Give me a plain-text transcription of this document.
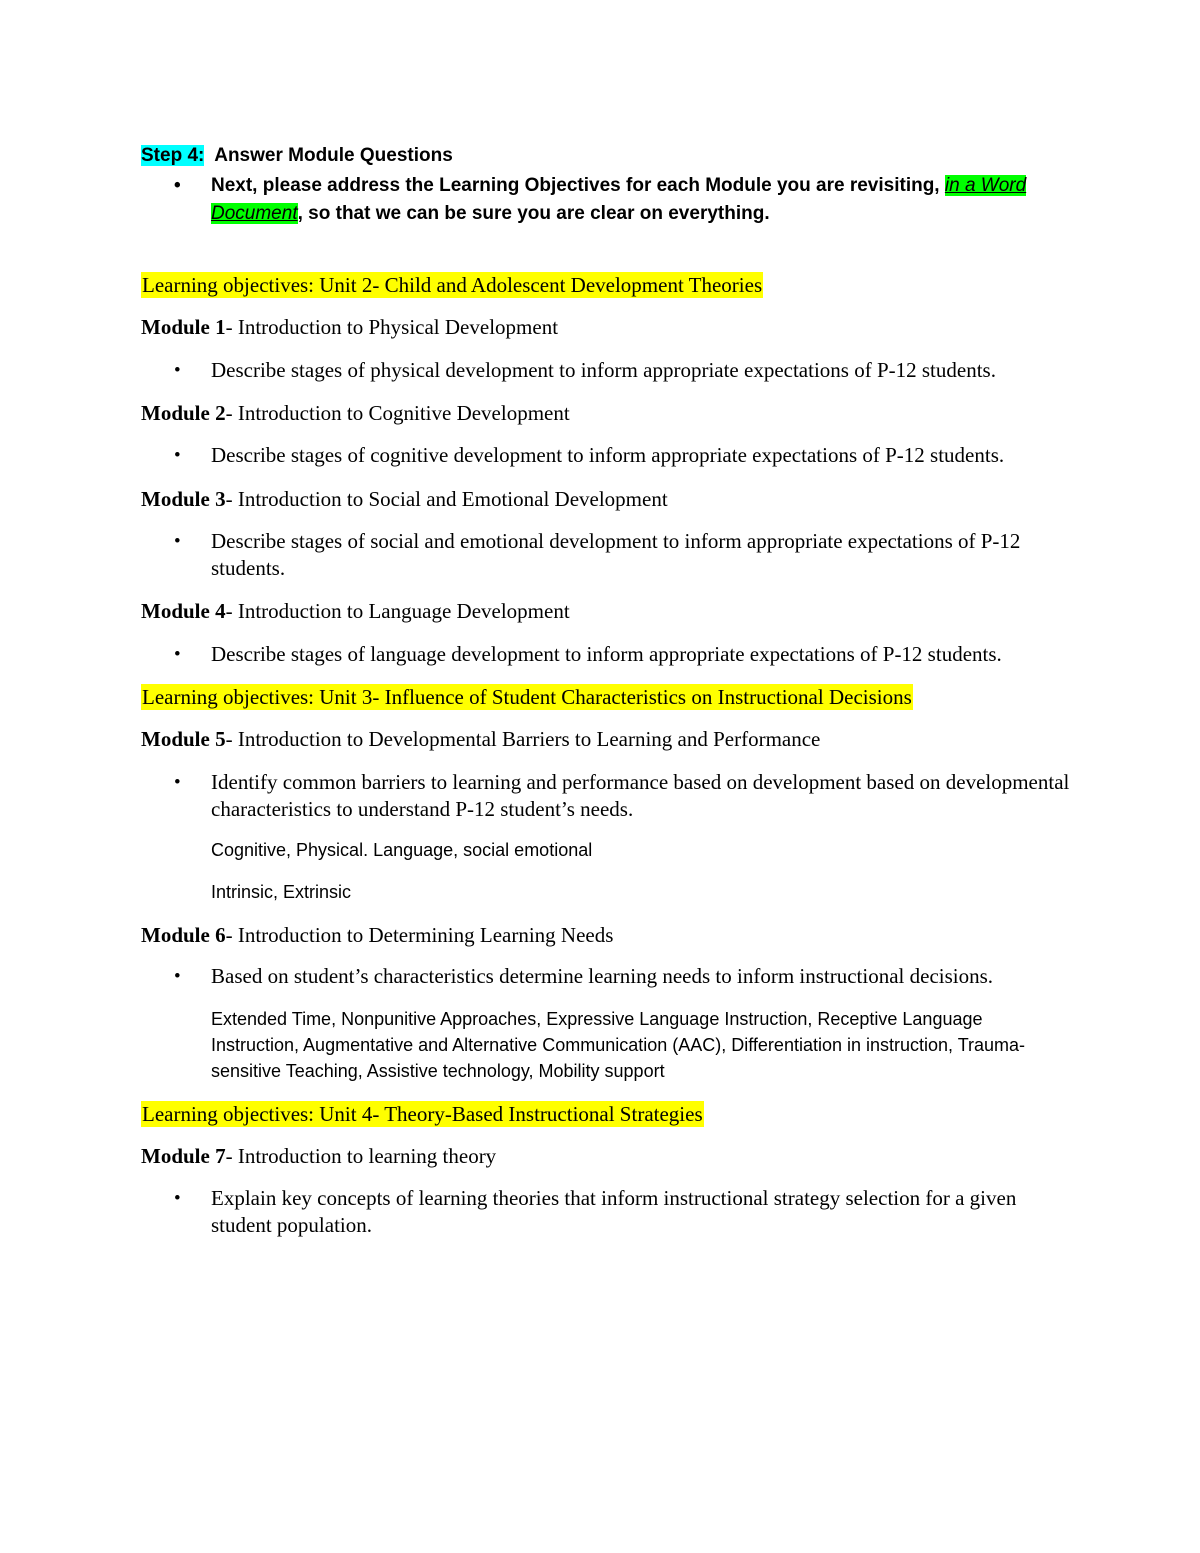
Step 4: Answer Module Questions
• Next, please address the Learning Objectives for each Module you are revisiting, in a Word Document, so that we can be sure you are clear on everything.

Learning objectives: Unit 2- Child and Adolescent Development Theories

Module 1- Introduction to Physical Development

• Describe stages of physical development to inform appropriate expectations of P-12 students.

Module 2- Introduction to Cognitive Development

• Describe stages of cognitive development to inform appropriate expectations of P-12 students.

Module 3- Introduction to Social and Emotional Development

• Describe stages of social and emotional development to inform appropriate expectations of P-12 students.

Module 4- Introduction to Language Development

• Describe stages of language development to inform appropriate expectations of P-12 students.

Learning objectives: Unit 3- Influence of Student Characteristics on Instructional Decisions

Module 5- Introduction to Developmental Barriers to Learning and Performance

• Identify common barriers to learning and performance based on development based on developmental characteristics to understand P-12 student’s needs.

Cognitive, Physical. Language, social emotional

Intrinsic, Extrinsic

Module 6- Introduction to Determining Learning Needs

• Based on student’s characteristics determine learning needs to inform instructional decisions.

Extended Time, Nonpunitive Approaches, Expressive Language Instruction, Receptive Language Instruction, Augmentative and Alternative Communication (AAC), Differentiation in instruction, Trauma-sensitive Teaching, Assistive technology, Mobility support

Learning objectives: Unit 4- Theory-Based Instructional Strategies

Module 7- Introduction to learning theory

• Explain key concepts of learning theories that inform instructional strategy selection for a given student population.
